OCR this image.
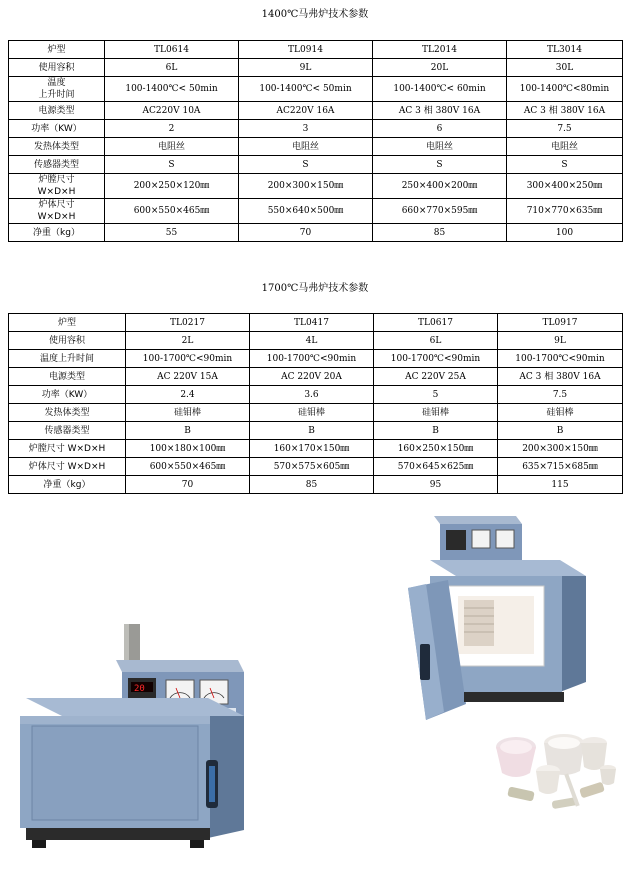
1400℃马弗炉技术参数
炉型	TL0614	TL0914	TL2014	TL3014

使用容积	6L	9L	20L	30L

温度
上升时间	100-1400℃< 50min	100-1400℃< 50min	100-1400℃< 60min	100-1400℃<80min

电源类型	AC220V 10A	AC220V 16A	AC 3 相 380V 16A	AC 3 相 380V 16A

功率（KW）	2	3	6	7.5

发热体类型	电阻丝	电阻丝	电阻丝	电阻丝

传感器类型	S	S	S	S

炉膛尺寸
W×D×H	200×250×120㎜	200×300×150㎜	250×400×200㎜	300×400×250㎜

炉体尺寸
W×D×H	600×550×465㎜	550×640×500㎜	660×770×595㎜	710×770×635㎜

净重（kg）	55	70	85	100
1700℃马弗炉技术参数
炉型	TL0217	TL0417	TL0617	TL0917

使用容积	2L	4L	6L	9L

温度上升时间	100-1700℃<90min	100-1700℃<90min	100-1700℃<90min	100-1700℃<90min

电源类型	AC 220V 15A	AC 220V 20A	AC 220V 25A	AC 3 相 380V 16A

功率（KW）	2.4	3.6	5	7.5

发热体类型	硅钼棒	硅钼棒	硅钼棒	硅钼棒

传感器类型	B	B	B	B

炉膛尺寸 W×D×H	100×180×100㎜	160×170×150㎜	160×250×150㎜	200×300×150㎜

炉体尺寸 W×D×H	600×550×465㎜	570×575×605㎜	570×645×625㎜	635×715×685㎜

净重（kg）	70	85	95	115
20
